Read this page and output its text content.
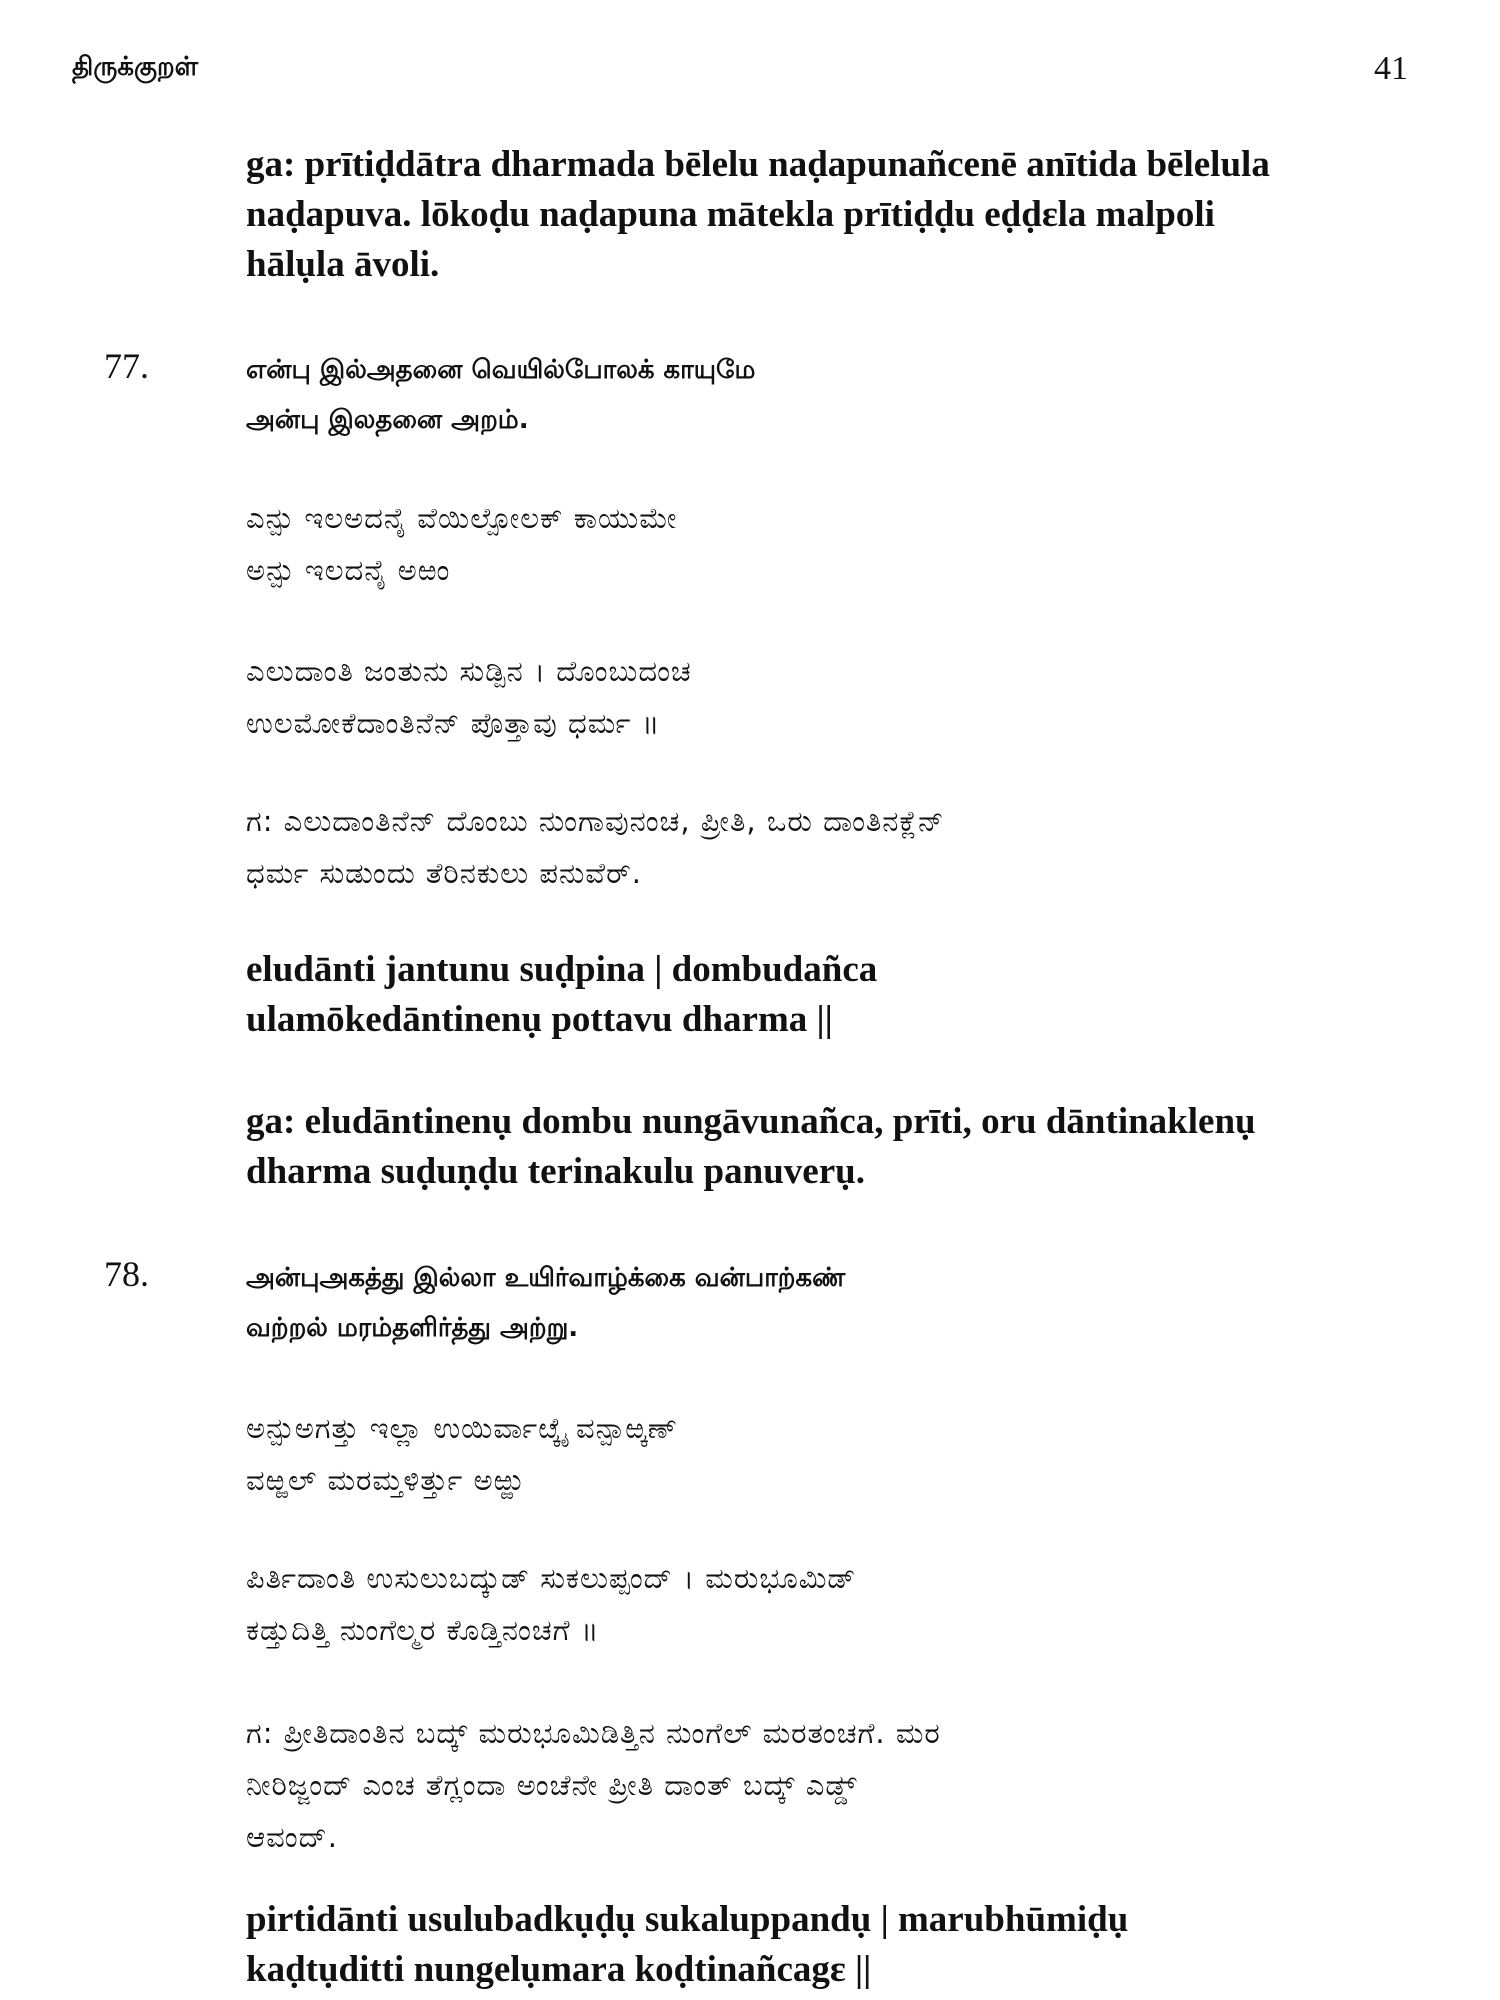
திருக்குறள்	41
ga: prītiḍdātra dharmada bēlelu naḍapunañcenē anītida bēlelula
naḍapuva. lōkoḍu naḍapuna mātekla prītiḍḍu eḍḍɛla malpoli
hālụla āvoli.
77.	என்பு இல்அதனை வெயில்போலக் காயுமே
அன்பு இலதனை அறம்.
ಎನ್ಪು ಇಲಅದನೈ ವೆಯಿಲ್ಪೋಲಕ್ ಕಾಯುಮೇ
ಅನ್ಪು ಇಲದನೈ ಅಱಂ
ಎಲುದಾಂತಿ ಜಂತುನು ಸುಡ್ಪಿನ । ದೊಂಬುದಂಚ
ಉಲಮೋಕೆದಾಂತಿನೆನ್ ಪೊತ್ತಾವು ಧರ್ಮ ॥
ಗ: ಎಲುದಾಂತಿನೆನ್ ದೊಂಬು ನುಂಗಾವುನಂಚ, ಪ್ರೀತಿ, ಒರು ದಾಂತಿನಕ್ಲೆನ್
ಧರ್ಮ ಸುಡುಂದು ತೆರಿನಕುಲು ಪನುವೆರ್.
eludānti jantunu suḍpina | dombudañca
ulamōkedāntinenụ pottavu dharma ||
ga: eludāntinenụ dombu nungāvunañca, prīti, oru dāntinaklenụ
dharma suḍuṇḍu terinakulu panuverụ.
78.	அன்புஅகத்து இல்லா உயிர்வாழ்க்கை வன்பாற்கண்
வற்றல் மரம்தளிர்த்து அற்று.
ಅನ್ಪುಅಗತ್ತು ಇಲ್ಲಾ ಉಯಿರ್ವಾೞ್ಕೈ ವನ್ಪಾಱ್ಕಣ್
ವಱ್ಱಲ್ ಮರಮ್ತಳಿರ್ತ್ತು ಅಱ್ಱು
ಪಿರ್ತಿದಾಂತಿ ಉಸುಲುಬದ್ಕುಡ್ ಸುಕಲುಪ್ಪಂದ್ । ಮರುಭೂಮಿಡ್
ಕಡ್ತುದಿತ್ತಿ ನುಂಗೆಲ್ಮರ ಕೊಡ್ತಿನಂಚಗೆ ॥
ಗ: ಪ್ರೀತಿದಾಂತಿನ ಬದ್ಕ್ ಮರುಭೂಮಿಡಿತ್ತಿನ ನುಂಗೆಲ್ ಮರತಂಚಗೆ. ಮರ
ನೀರಿಜ್ಜಂದ್ ಎಂಚ ತೆಗ್ಲಂದಾ ಅಂಚೆನೇ ಪ್ರೀತಿ ದಾಂತ್ ಬದ್ಕ್ ಎಡ್ಡ್
ಆವಂದ್.
pirtidānti usulubadkụḍụ sukaluppandụ | marubhūmiḍụ
kaḍtụditti nungelụmara koḍtinañcagɛ ||
